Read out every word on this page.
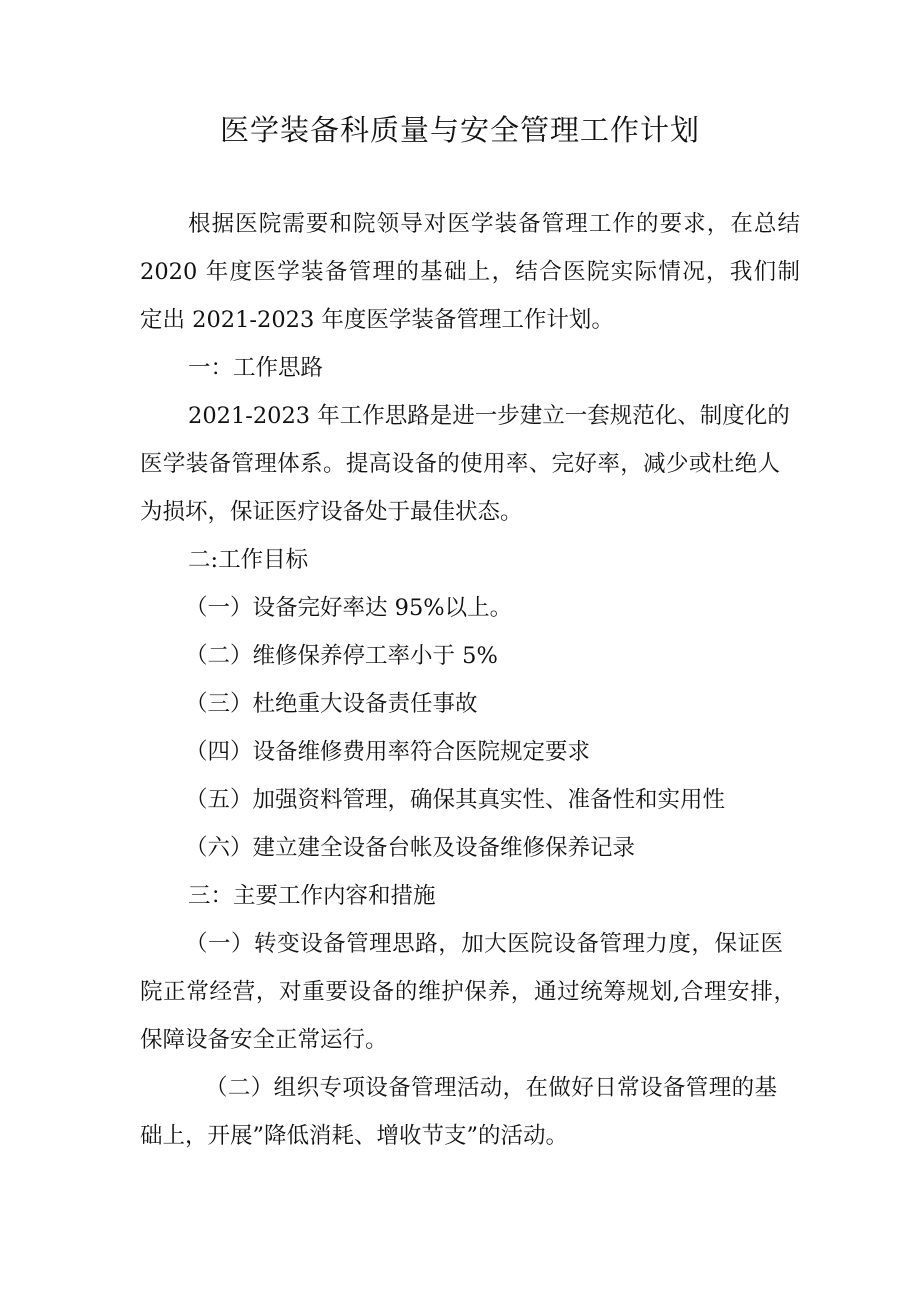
医学装备科质量与安全管理工作计划

根据医院需要和院领导对医学装备管理工作的要求，在总结

2020 年度医学装备管理的基础上，结合医院实际情况，我们制

定出 2021-2023 年度医学装备管理工作计划。

一：工作思路

2021-2023 年工作思路是进一步建立一套规范化、制度化的

医学装备管理体系。提高设备的使用率、完好率，减少或杜绝人

为损坏，保证医疗设备处于最佳状态。

二:工作目标

（一）设备完好率达 95%以上。

（二）维修保养停工率小于 5%

（三）杜绝重大设备责任事故

（四）设备维修费用率符合医院规定要求

（五）加强资料管理，确保其真实性、准备性和实用性

（六）建立建全设备台帐及设备维修保养记录

三：主要工作内容和措施

（一）转变设备管理思路，加大医院设备管理力度，保证医

院正常经营，对重要设备的维护保养，通过统筹规划,合理安排，

保障设备安全正常运行。

（二）组织专项设备管理活动，在做好日常设备管理的基

础上，开展”降低消耗、增收节支”的活动。
